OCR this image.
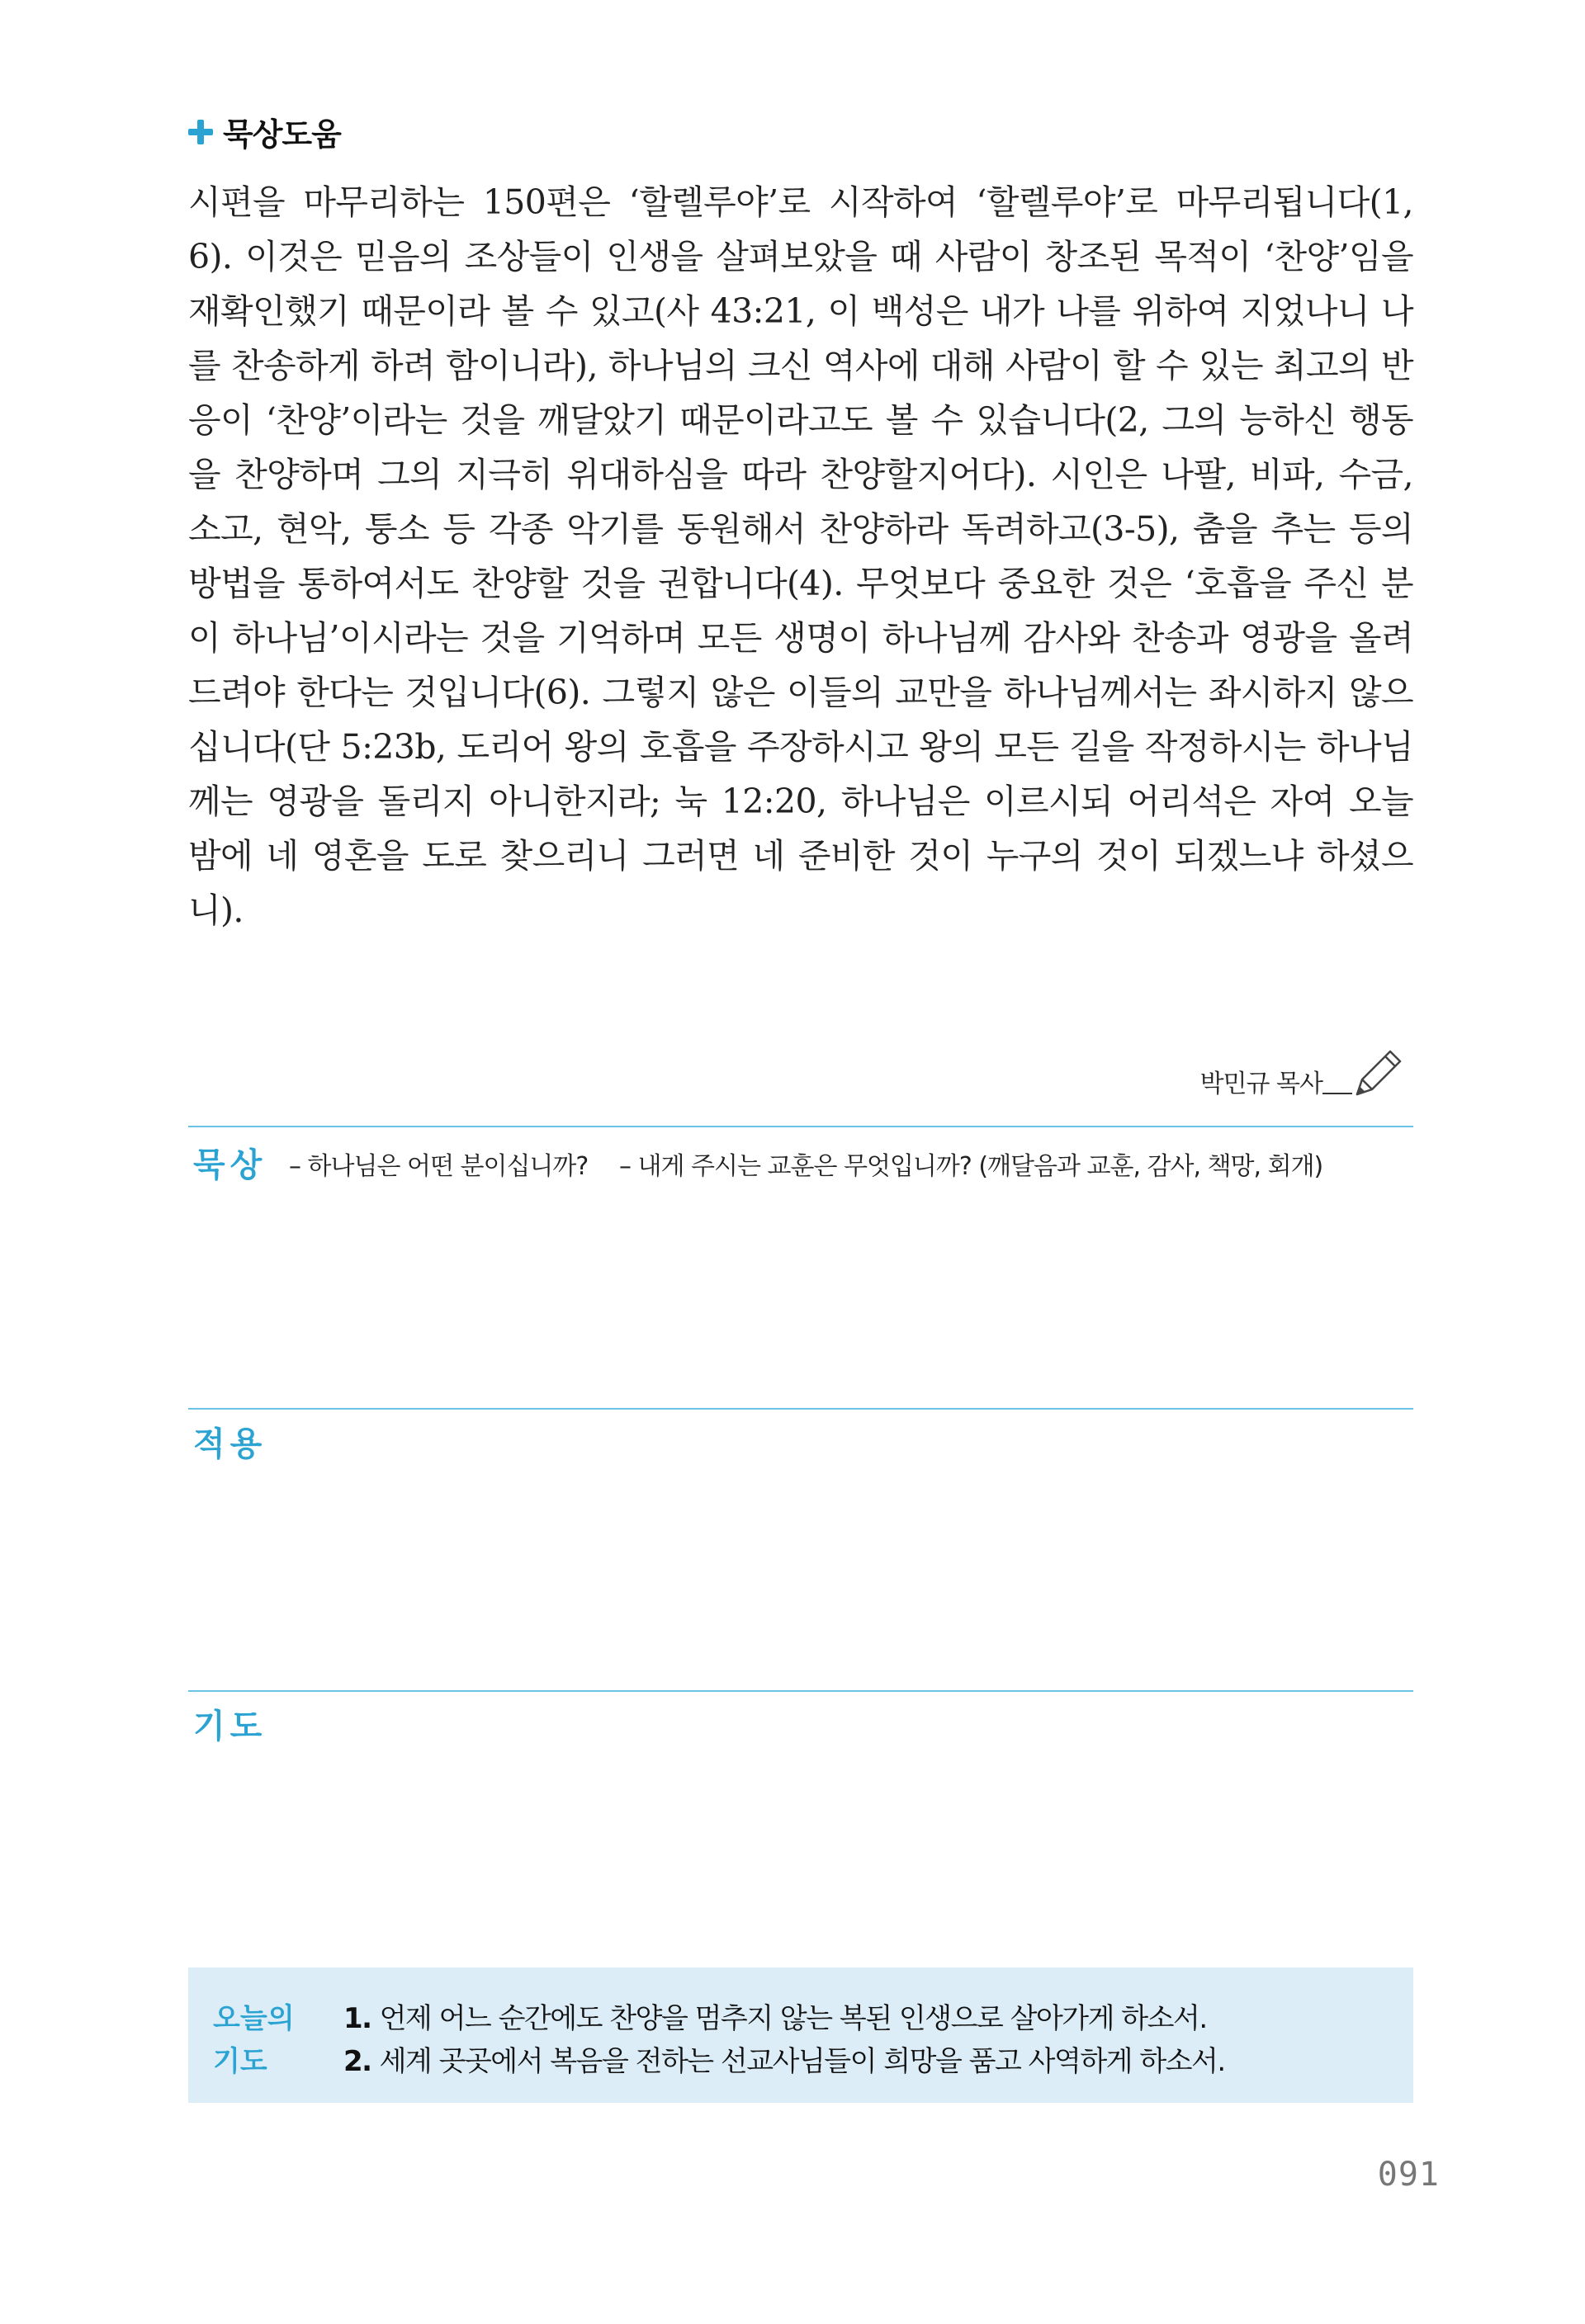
묵상도움

시편을 마무리하는 150편은 ‘할렐루야’로 시작하여 ‘할렐루야’로 마무리됩니다(1, 6). 이것은 믿음의 조상들이 인생을 살펴보았을 때 사람이 창조된 목적이 ‘찬양’임을 재확인했기 때문이라 볼 수 있고(사 43:21, 이 백성은 내가 나를 위하여 지었나니 나를 찬송하게 하려 함이니라), 하나님의 크신 역사에 대해 사람이 할 수 있는 최고의 반응이 ‘찬양’이라는 것을 깨달았기 때문이라고도 볼 수 있습니다(2, 그의 능하신 행동을 찬양하며 그의 지극히 위대하심을 따라 찬양할지어다). 시인은 나팔, 비파, 수금, 소고, 현악, 퉁소 등 각종 악기를 동원해서 찬양하라 독려하고(3-5), 춤을 추는 등의 방법을 통하여서도 찬양할 것을 권합니다(4). 무엇보다 중요한 것은 ‘호흡을 주신 분이 하나님’이시라는 것을 기억하며 모든 생명이 하나님께 감사와 찬송과 영광을 올려드려야 한다는 것입니다(6). 그렇지 않은 이들의 교만을 하나님께서는 좌시하지 않으십니다(단 5:23b, 도리어 왕의 호흡을 주장하시고 왕의 모든 길을 작정하시는 하나님께는 영광을 돌리지 아니한지라; 눅 12:20, 하나님은 이르시되 어리석은 자여 오늘 밤에 네 영혼을 도로 찾으리니 그러면 네 준비한 것이 누구의 것이 되겠느냐 하셨으니).

박민규 목사
묵상 – 하나님은 어떤 분이십니까? – 내게 주시는 교훈은 무엇입니까? (깨달음과 교훈, 감사, 책망, 회개)
적용
기도
오늘의
기도
1. 언제 어느 순간에도 찬양을 멈추지 않는 복된 인생으로 살아가게 하소서.
2. 세계 곳곳에서 복음을 전하는 선교사님들이 희망을 품고 사역하게 하소서.
091
